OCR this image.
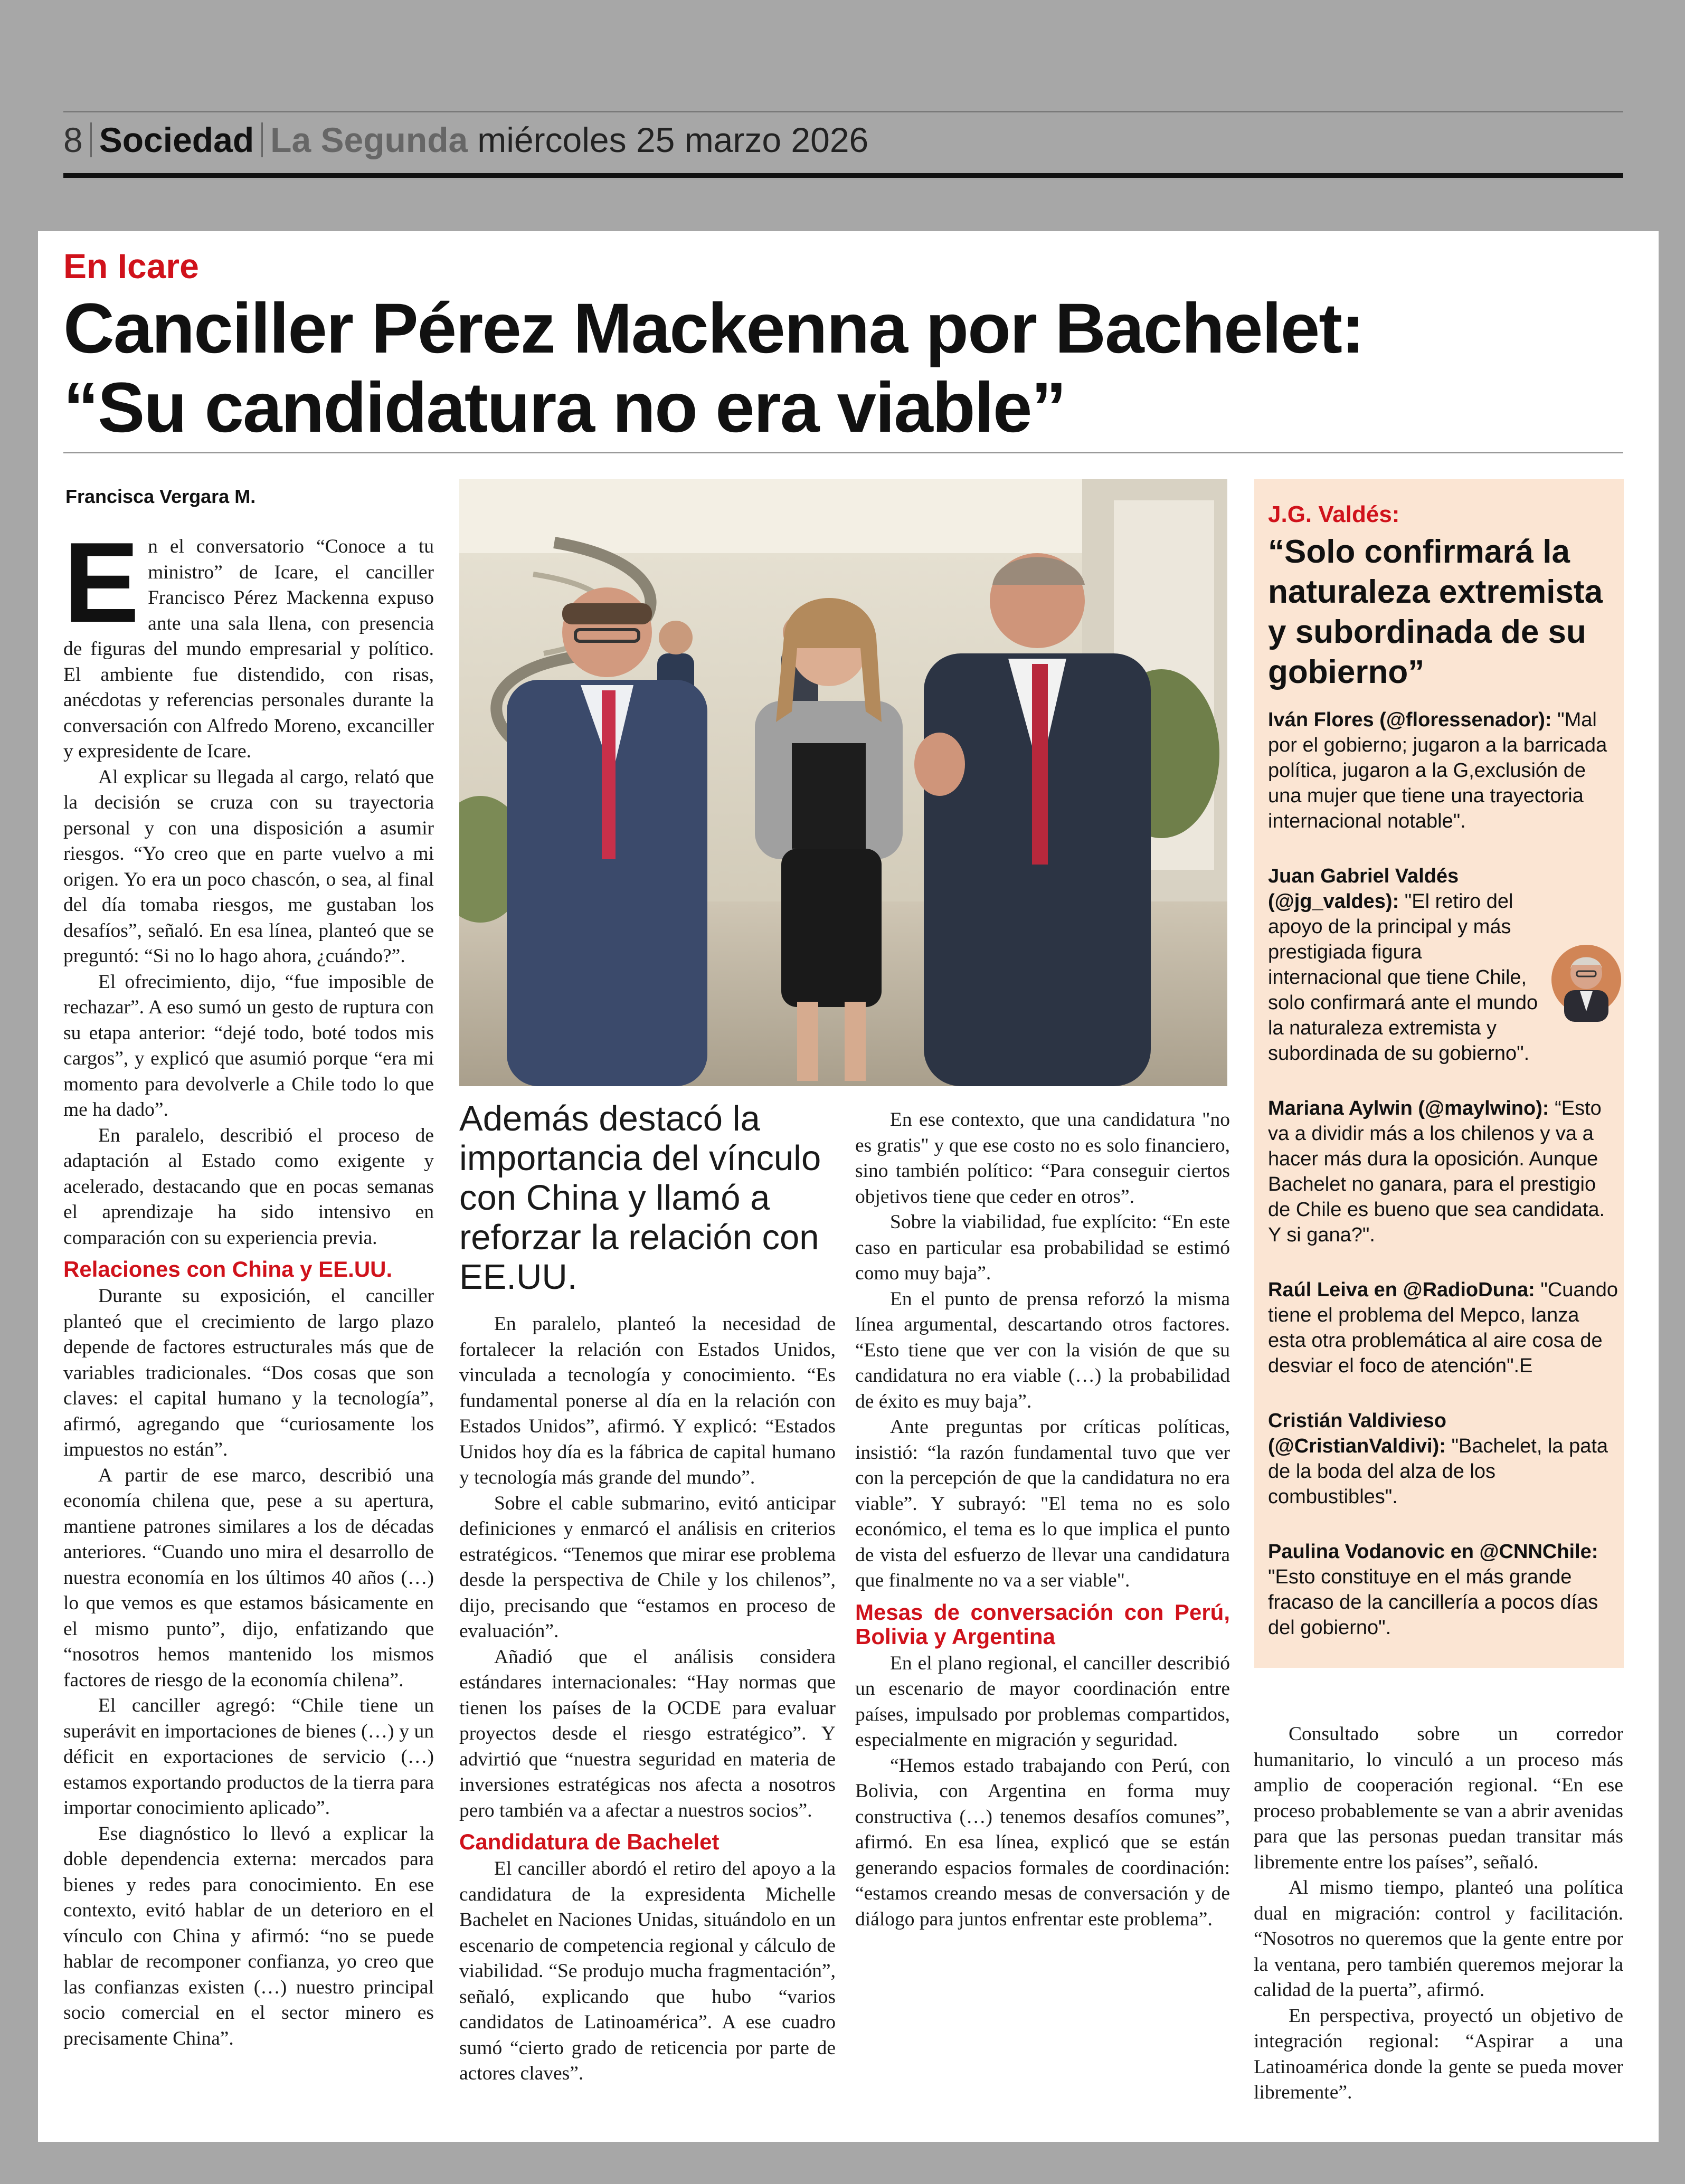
8 Sociedad La Segunda miércoles 25 marzo 2026
En Icare
Canciller Pérez Mackenna por Bachelet:
“Su candidatura no era viable”
Francisca Vergara M.
E n el conversatorio “Conoce a tu ministro” de Icare, el canciller Francisco Pérez Mackenna expuso ante una sala llena, con presencia de figuras del mundo empresarial y político. El ambiente fue distendido, con risas, anécdotas y referencias personales durante la conversación con Alfredo Moreno, excanciller y expresidente de Icare.

Al explicar su llegada al cargo, relató que la decisión se cruza con su trayectoria personal y con una disposición a asumir riesgos. “Yo creo que en parte vuelvo a mi origen. Yo era un poco chascón, o sea, al final del día tomaba riesgos, me gustaban los desafíos”, señaló. En esa línea, planteó que se preguntó: “Si no lo hago ahora, ¿cuándo?”.

El ofrecimiento, dijo, “fue imposible de rechazar”. A eso sumó un gesto de ruptura con su etapa anterior: “dejé todo, boté todos mis cargos”, y explicó que asumió porque “era mi momento para devolverle a Chile todo lo que me ha dado”.

En paralelo, describió el proceso de adaptación al Estado como exigente y acelerado, destacando que en pocas semanas el aprendizaje ha sido intensivo en comparación con su experiencia previa.

Relaciones con China y EE.UU.

Durante su exposición, el canciller planteó que el crecimiento de largo plazo depende de factores estructurales más que de variables tradicionales. “Dos cosas que son claves: el capital humano y la tecnología”, afirmó, agregando que “curiosamente los impuestos no están”.

A partir de ese marco, describió una economía chilena que, pese a su apertura, mantiene patrones similares a los de décadas anteriores. “Cuando uno mira el desarrollo de nuestra economía en los últimos 40 años (…) lo que vemos es que estamos básicamente en el mismo punto”, dijo, enfatizando que “nosotros hemos mantenido los mismos factores de riesgo de la economía chilena”.

El canciller agregó: “Chile tiene un superávit en importaciones de bienes (…) y un déficit en exportaciones de servicio (…) estamos exportando productos de la tierra para importar conocimiento aplicado”.

Ese diagnóstico lo llevó a explicar la doble dependencia externa: mercados para bienes y redes para conocimiento. En ese contexto, evitó hablar de un deterioro en el vínculo con China y afirmó: “no se puede hablar de recomponer confianza, yo creo que las confianzas existen (…) nuestro principal socio comercial en el sector minero es precisamente China”.

Además destacó la importancia del vínculo con China y llamó a reforzar la relación con EE.UU.

En paralelo, planteó la necesidad de fortalecer la relación con Estados Unidos, vinculada a tecnología y conocimiento. “Es fundamental ponerse al día en la relación con Estados Unidos”, afirmó. Y explicó: “Estados Unidos hoy día es la fábrica de capital humano y tecnología más grande del mundo”.

Sobre el cable submarino, evitó anticipar definiciones y enmarcó el análisis en criterios estratégicos. “Tenemos que mirar ese problema desde la perspectiva de Chile y los chilenos”, dijo, precisando que “estamos en proceso de evaluación”.

Añadió que el análisis considera estándares internacionales: “Hay normas que tienen los países de la OCDE para evaluar proyectos desde el riesgo estratégico”. Y advirtió que “nuestra seguridad en materia de inversiones estratégicas nos afecta a nosotros pero también va a afectar a nuestros socios”.

Candidatura de Bachelet

El canciller abordó el retiro del apoyo a la candidatura de la expresidenta Michelle Bachelet en Naciones Unidas, situándolo en un escenario de competencia regional y cálculo de viabilidad. “Se produjo mucha fragmentación”, señaló, explicando que hubo “varios candidatos de Latinoamérica”. A ese cuadro sumó “cierto grado de reticencia por parte de actores claves”.

En ese contexto, que una candidatura "no es gratis" y que ese costo no es solo financiero, sino también político: “Para conseguir ciertos objetivos tiene que ceder en otros”.

Sobre la viabilidad, fue explícito: “En este caso en particular esa probabilidad se estimó como muy baja”.

En el punto de prensa reforzó la misma línea argumental, descartando otros factores. “Esto tiene que ver con la visión de que su candidatura no era viable (…) la probabilidad de éxito es muy baja”.

Ante preguntas por críticas políticas, insistió: “la razón fundamental tuvo que ver con la percepción de que la candidatura no era viable”. Y subrayó: "El tema no es solo económico, el tema es lo que implica el punto de vista del esfuerzo de llevar una candidatura que finalmente no va a ser viable".

Mesas de conversación con Perú, Bolivia y Argentina

En el plano regional, el canciller describió un escenario de mayor coordinación entre países, impulsado por problemas compartidos, especialmente en migración y seguridad.

“Hemos estado trabajando con Perú, con Bolivia, con Argentina en forma muy constructiva (…) tenemos desafíos comunes”, afirmó. En esa línea, explicó que se están generando espacios formales de coordinación: “estamos creando mesas de conversación y de diálogo para juntos enfrentar este problema”.

J.G. Valdés:
“Solo confirmará la naturaleza extremista y subordinada de su gobierno”

Iván Flores (@floressenador): "Mal por el gobierno; jugaron a la barricada política, jugaron a la G,exclusión de una mujer que tiene una trayectoria internacional notable".

Juan Gabriel Valdés (@jg_valdes): "El retiro del apoyo de la principal y más prestigiada figura internacional que tiene Chile, solo confirmará ante el mundo la naturaleza extremista y subordinada de su gobierno".

Mariana Aylwin (@maylwino): “Esto va a dividir más a los chilenos y va a hacer más dura la oposición. Aunque Bachelet no ganara, para el prestigio de Chile es bueno que sea candidata. Y si gana?".

Raúl Leiva en @RadioDuna: "Cuando tiene el problema del Mepco, lanza esta otra problemática al aire cosa de desviar el foco de atención".E

Cristián Valdivieso (@CristianValdivi): "Bachelet, la pata de la boda del alza de los combustibles".

Paulina Vodanovic en @CNNChile: "Esto constituye en el más grande fracaso de la cancillería a pocos días del gobierno".

Consultado sobre un corredor humanitario, lo vinculó a un proceso más amplio de cooperación regional. “En ese proceso probablemente se van a abrir avenidas para que las personas puedan transitar más libremente entre los países”, señaló.

Al mismo tiempo, planteó una política dual en migración: control y facilitación. “Nosotros no queremos que la gente entre por la ventana, pero también queremos mejorar la calidad de la puerta”, afirmó.

En perspectiva, proyectó un objetivo de integración regional: “Aspirar a una Latinoamérica donde la gente se pueda mover libremente”.
